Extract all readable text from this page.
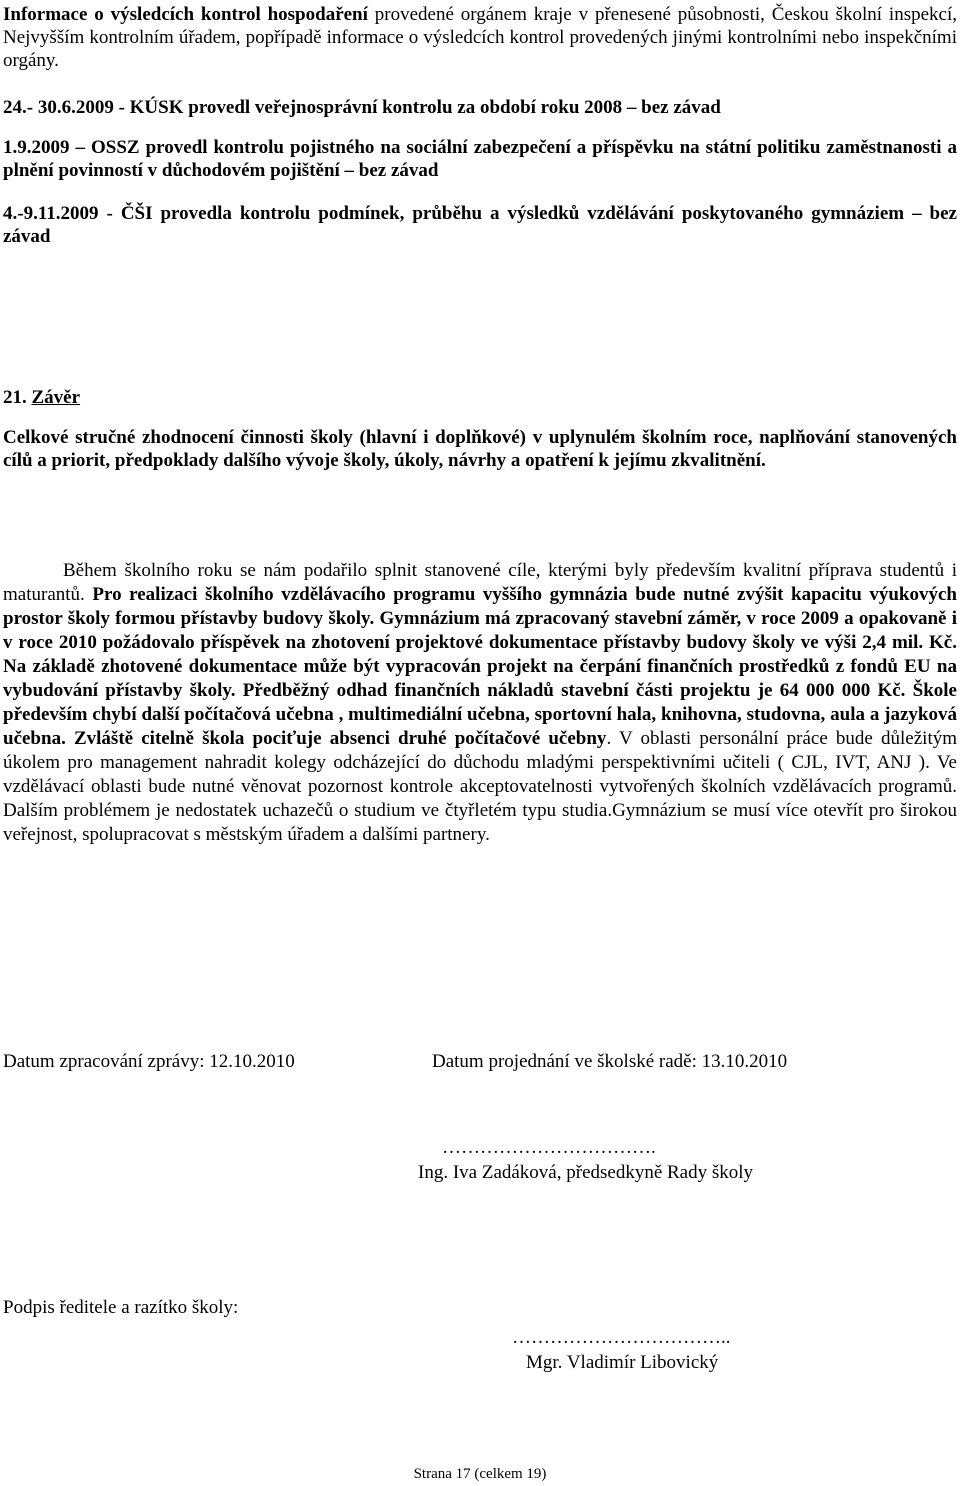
Informace o výsledcích kontrol hospodaření provedené orgánem kraje v přenesené působnosti, Českou školní inspekcí, Nejvyšším kontrolním úřadem, popřípadě informace o výsledcích kontrol provedených jinými kontrolními nebo inspekčními orgány.

24.- 30.6.2009 - KÚSK provedl veřejnosprávní kontrolu za období roku 2008 – bez závad

1.9.2009 – OSSZ provedl kontrolu pojistného na sociální zabezpečení a příspěvku na státní politiku zaměstnanosti a plnění povinností v důchodovém pojištění – bez závad

4.-9.11.2009 - ČŠI provedla kontrolu podmínek, průběhu a výsledků vzdělávání poskytovaného gymnáziem – bez závad

21. Závěr

Celkové stručné zhodnocení činnosti školy (hlavní i doplňkové) v uplynulém školním roce, naplňování stanovených cílů a priorit, předpoklady dalšího vývoje školy, úkoly, návrhy a opatření k jejímu zkvalitnění.

Během školního roku se nám podařilo splnit stanovené cíle, kterými byly především kvalitní příprava studentů i maturantů. Pro realizaci školního vzdělávacího programu vyššího gymnázia bude nutné zvýšit kapacitu výukových prostor školy formou přístavby budovy školy. Gymnázium má zpracovaný stavební záměr, v roce 2009 a opakovaně i v roce 2010 požádovalo příspěvek na zhotovení projektové dokumentace přístavby budovy školy ve výši 2,4 mil. Kč. Na základě zhotovené dokumentace může být vypracován projekt na čerpání finančních prostředků z fondů EU na vybudování přístavby školy. Předběžný odhad finančních nákladů stavební části projektu je 64 000 000 Kč. Škole především chybí další počítačová učebna , multimediální učebna, sportovní hala, knihovna, studovna, aula a jazyková učebna. Zvláště citelně škola pociťuje absenci druhé počítačové učebny. V oblasti personální práce bude důležitým úkolem pro management nahradit kolegy odcházející do důchodu mladými perspektivními učiteli ( CJL, IVT, ANJ ). Ve vzdělávací oblasti bude nutné věnovat pozornost kontrole akceptovatelnosti vytvořených školních vzdělávacích programů. Dalším problémem je nedostatek uchazečů o studium ve čtyřletém typu studia.Gymnázium se musí více otevřít pro širokou veřejnost, spolupracovat s městským úřadem a dalšími partnery.

Datum zpracování zprávy: 12.10.2010	Datum projednání ve školské radě: 13.10.2010

…………………………….

Ing. Iva Zadáková, předsedkyně Rady školy

Podpis ředitele a razítko školy:

……………………………..

Mgr. Vladimír Libovický

Strana 17 (celkem 19)
